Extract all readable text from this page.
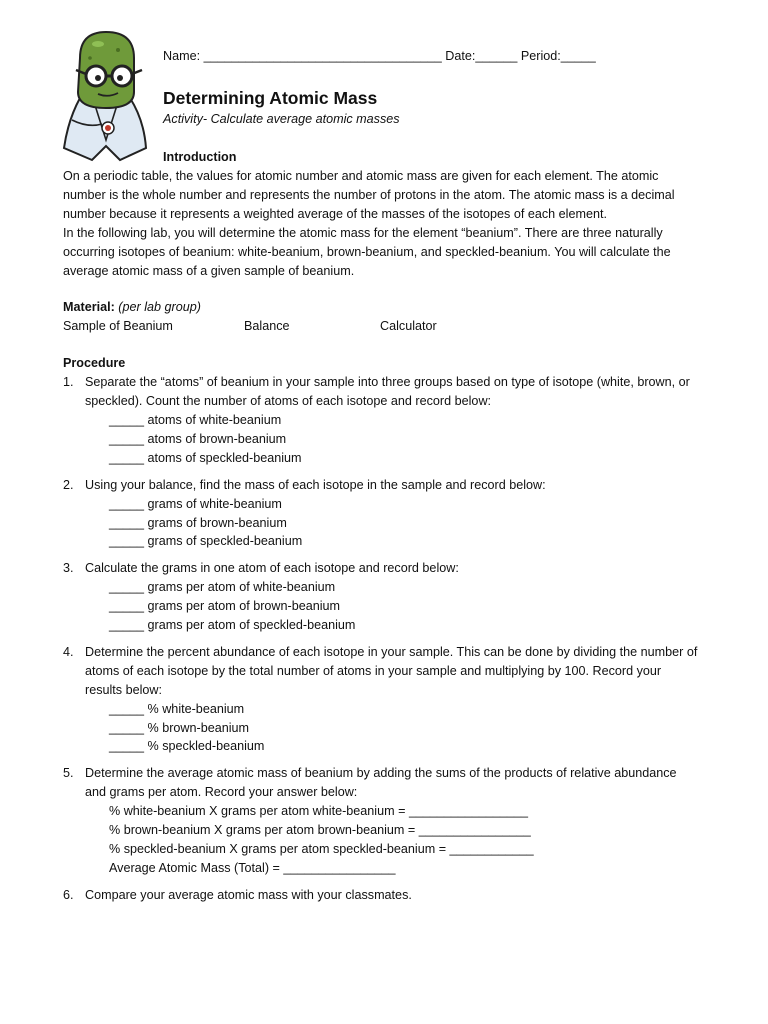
Name: __________________________________ Date:______ Period:_____
Determining Atomic Mass
Activity- Calculate average atomic masses
Introduction

On a periodic table, the values for atomic number and atomic mass are given for each element. The atomic number is the whole number and represents the number of protons in the atom. The atomic mass is a decimal number because it represents a weighted average of the masses of the isotopes of each element.

In the following lab, you will determine the atomic mass for the element “beanium”. There are three naturally occurring isotopes of beanium: white-beanium, brown-beanium, and speckled-beanium. You will calculate the average atomic mass of a given sample of beanium.

Material: (per lab group)

Sample of Beanium	Balance	Calculator

Procedure

1. Separate the “atoms” of beanium in your sample into three groups based on type of isotope (white, brown, or speckled). Count the number of atoms of each isotope and record below:
_____ atoms of white-beanium
_____ atoms of brown-beanium
_____ atoms of speckled-beanium
2. Using your balance, find the mass of each isotope in the sample and record below:
_____ grams of white-beanium
_____ grams of brown-beanium
_____ grams of speckled-beanium
3. Calculate the grams in one atom of each isotope and record below:
_____ grams per atom of white-beanium
_____ grams per atom of brown-beanium
_____ grams per atom of speckled-beanium
4. Determine the percent abundance of each isotope in your sample. This can be done by dividing the number of atoms of each isotope by the total number of atoms in your sample and multiplying by 100. Record your results below:
_____ % white-beanium
_____ % brown-beanium
_____ % speckled-beanium
5. Determine the average atomic mass of beanium by adding the sums of the products of relative abundance and grams per atom. Record your answer below:
% white-beanium X grams per atom white-beanium = _________________
% brown-beanium X grams per atom brown-beanium = ________________
% speckled-beanium X grams per atom speckled-beanium = ____________
Average Atomic Mass (Total) = ________________
6. Compare your average atomic mass with your classmates.
